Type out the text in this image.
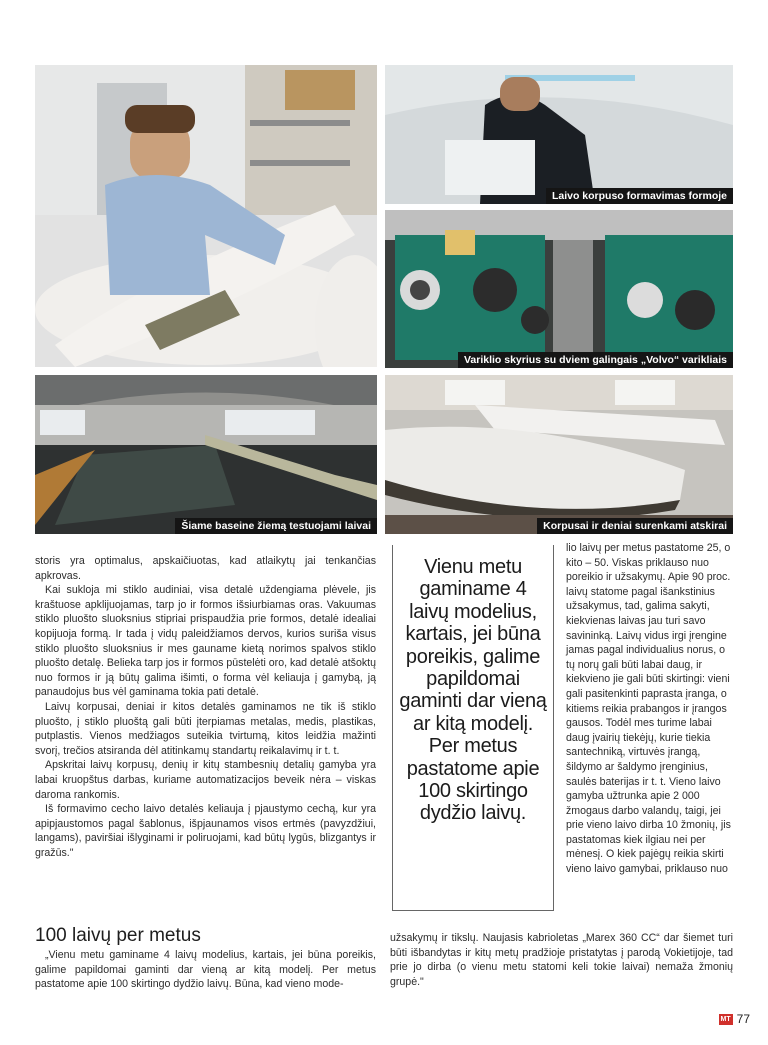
Laivo korpuso formavimas formoje
Variklio skyrius su dviem galingais „Volvo“ varikliais
Šiame baseine žiemą testuojami laivai	Korpusai ir deniai surenkami atskirai

storis yra optimalus, apskaičiuotas, kad atlaikytų jai tenkančias apkrovas.

Kai sukloja mi stiklo audiniai, visa detalė uždengiama plėvele, jis kraštuose apklijuojamas, tarp jo ir formos išsiurbiamas oras. Vakuumas stiklo pluošto sluoksnius stipriai prispaudžia prie formos, detalė idealiai kopijuoja formą. Ir tada į vidų paleidžiamos dervos, kurios suriša visus stiklo pluošto sluoksnius ir mes gauname kietą norimos spalvos stiklo pluošto detalę. Belieka tarp jos ir formos pūstelėti oro, kad detalė atšoktų nuo formos ir ją būtų galima išimti, o forma vėl keliauja į gamybą, ją panaudojus bus vėl gaminama tokia pati detalė.

Laivų korpusai, deniai ir kitos detalės gaminamos ne tik iš stiklo pluošto, į stiklo pluoštą gali būti įterpiamas metalas, medis, plastikas, putplastis. Vienos medžiagos suteikia tvirtumą, kitos leidžia mažinti svorį, trečios atsiranda dėl atitinkamų standartų reikalavimų ir t. t.

Apskritai laivų korpusų, denių ir kitų stambesnių detalių gamyba yra labai kruopštus darbas, kuriame automatizacijos beveik nėra – viskas daroma rankomis.

Iš formavimo cecho laivo detalės keliauja į pjaustymo cechą, kur yra apipjaustomos pagal šablonus, išpjaunamos visos ertmės (pavyzdžiui, langams), paviršiai išlyginami ir poliruojami, kad būtų lygūs, blizgantys ir gražūs."

100 laivų per metus

„Vienu metu gaminame 4 laivų modelius, kartais, jei būna poreikis, galime papildomai gaminti dar vieną ar kitą modelį. Per metus pastatome apie 100 skirtingo dydžio laivų. Būna, kad vieno mode-

Vienu metu gaminame 4 laivų modelius, kartais, jei būna poreikis, galime papildomai gaminti dar vieną ar kitą modelį. Per metus pastatome apie 100 skirtingo dydžio laivų.

lio laivų per metus pastatome 25, o kito – 50. Viskas priklauso nuo poreikio ir užsakymų. Apie 90 proc. laivų statome pagal išankstinius užsakymus, tad, galima sakyti, kiekvienas laivas jau turi savo savininką. Laivų vidus irgi įrengine jamas pagal individualius norus, o tų norų gali būti labai daug, ir kiekvieno jie gali būti skirtingi: vieni gali pasitenkinti paprasta įranga, o kitiems reikia prabangos ir įrangos gausos. Todėl mes turime labai daug įvairių tiekėjų, kurie tiekia santechniką, virtuvės įrangą, šildymo ar šaldymo įrenginius, saulės baterijas ir t. t. Vieno laivo gamyba užtrunka apie 2 000 žmogaus darbo valandų, taigi, jei prie vieno laivo dirba 10 žmonių, jis pastatomas kiek ilgiau nei per mėnesį. O kiek pajėgų reikia skirti vieno laivo gamybai, priklauso nuo

užsakymų ir tikslų. Naujasis kabrioletas „Marex 360 CC“ dar šiemet turi būti išbandytas ir kitų metų pradžioje pristatytas į parodą Vokietijoje, tad prie jo dirba (o vienu metu statomi keli tokie laivai) nemaža žmonių grupė."

MT 77
